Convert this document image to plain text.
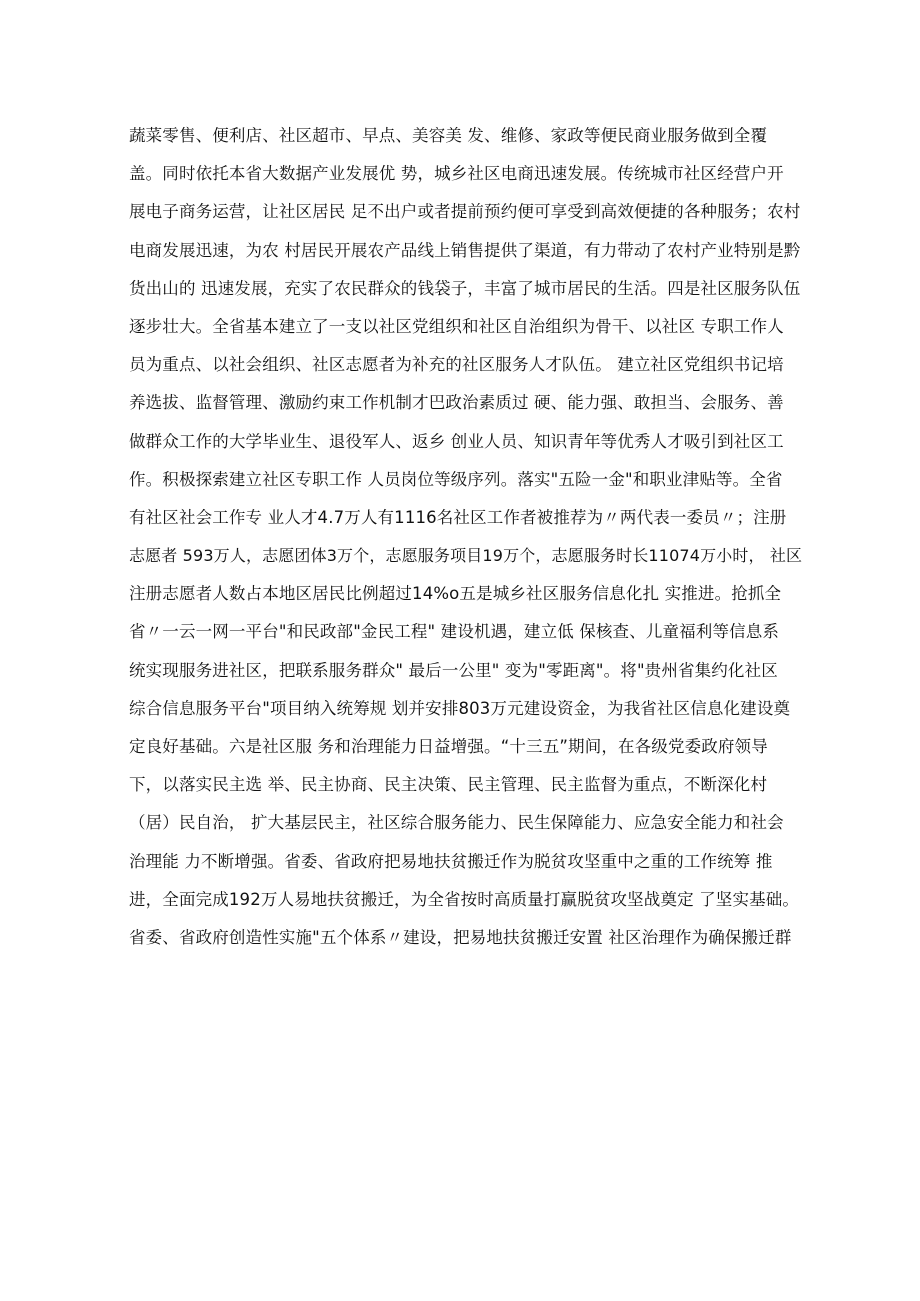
蔬菜零售、便利店、社区超市、早点、美容美 发、维修、家政等便民商业服务做到全覆
盖。同时依托本省大数据产业发展优 势，城乡社区电商迅速发展。传统城市社区经营户开
展电子商务运营，让社区居民 足不出户或者提前预约便可享受到高效便捷的各种服务；农村
电商发展迅速，为农 村居民开展农产品线上销售提供了渠道，有力带动了农村产业特别是黔
货出山的 迅速发展，充实了农民群众的钱袋子，丰富了城市居民的生活。四是社区服务队伍
逐步壮大。全省基本建立了一支以社区党组织和社区自治组织为骨干、以社区 专职工作人
员为重点、以社会组织、社区志愿者为补充的社区服务人才队伍。 建立社区党组织书记培
养选拔、监督管理、激励约束工作机制才巴政治素质过 硬、能力强、敢担当、会服务、善
做群众工作的大学毕业生、退役军人、返乡 创业人员、知识青年等优秀人才吸引到社区工
作。积极探索建立社区专职工作 人员岗位等级序列。落实"五险一金"和职业津贴等。全省
有社区社会工作专 业人才4.7万人有1116名社区工作者被推荐为〃两代表一委员〃；注册
志愿者 593万人，志愿团体3万个，志愿服务项目19万个，志愿服务时长11074万小时， 社区
注册志愿者人数占本地区居民比例超过14%o五是城乡社区服务信息化扎 实推进。抢抓全
省〃一云一网一平台"和民政部"金民工程" 建设机遇，建立低 保核查、儿童福利等信息系
统实现服务进社区，把联系服务群众" 最后一公里" 变为"零距离"。将"贵州省集约化社区
综合信息服务平台"项目纳入统筹规 划并安排803万元建设资金，为我省社区信息化建设奠
定良好基础。六是社区服 务和治理能力日益增强。“十三五”期间，在各级党委政府领导
下，以落实民主选 举、民主协商、民主决策、民主管理、民主监督为重点，不断深化村
（居）民自治， 扩大基层民主，社区综合服务能力、民生保障能力、应急安全能力和社会
治理能 力不断增强。省委、省政府把易地扶贫搬迁作为脱贫攻坚重中之重的工作统筹 推
进，全面完成192万人易地扶贫搬迁，为全省按时高质量打赢脱贫攻坚战奠定 了坚实基础。
省委、省政府创造性实施"五个体系〃建设，把易地扶贫搬迁安置 社区治理作为确保搬迁群
